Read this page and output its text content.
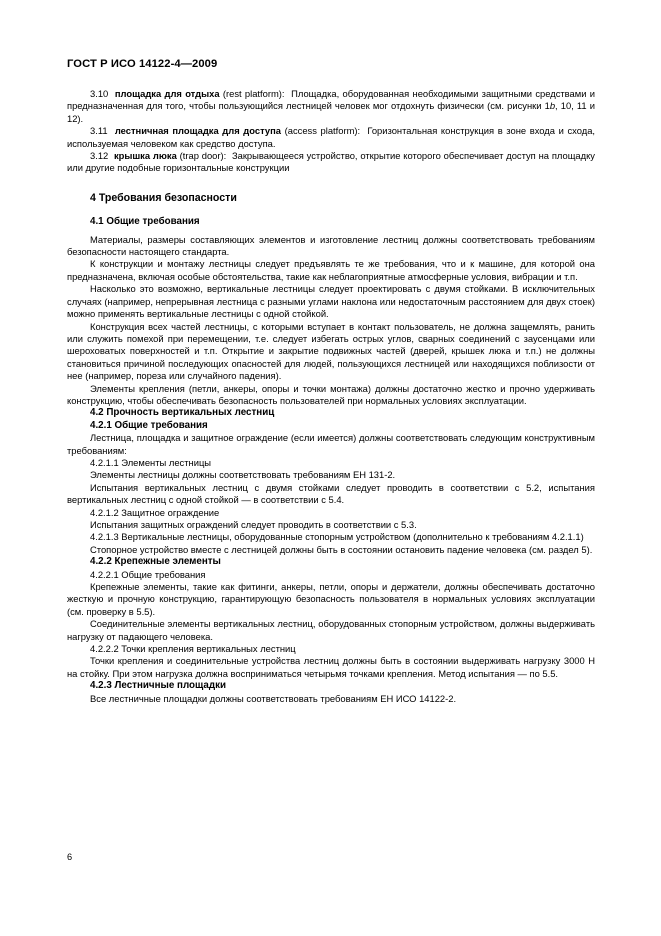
ГОСТ Р ИСО 14122-4—2009

3.10 площадка для отдыха (rest platform): Площадка, оборудованная необходимыми защитными средствами и предназначенная для того, чтобы пользующийся лестницей человек мог отдохнуть физически (см. рисунки 1b, 10, 11 и 12).

3.11 лестничная площадка для доступа (access platform): Горизонтальная конструкция в зоне входа и схода, используемая человеком как средство доступа.

3.12 крышка люка (trap door): Закрывающееся устройство, открытие которого обеспечивает доступ на площадку или другие подобные горизонтальные конструкции

4 Требования безопасности
4.1 Общие требования

Материалы, размеры составляющих элементов и изготовление лестниц должны соответствовать требованиям безопасности настоящего стандарта.

К конструкции и монтажу лестницы следует предъявлять те же требования, что и к машине, для которой она предназначена, включая особые обстоятельства, такие как неблагоприятные атмосферные условия, вибрации и т.п.

Насколько это возможно, вертикальные лестницы следует проектировать с двумя стойками. В исключительных случаях (например, непрерывная лестница с разными углами наклона или недостаточным расстоянием для двух стоек) можно применять вертикальные лестницы с одной стойкой.

Конструкция всех частей лестницы, с которыми вступает в контакт пользователь, не должна защемлять, ранить или служить помехой при перемещении, т.е. следует избегать острых углов, сварных соединений с заусенцами или шероховатых поверхностей и т.п. Открытие и закрытие подвижных частей (дверей, крышек люка и т.п.) не должны становиться причиной последующих опасностей для людей, пользующихся лестницей или находящихся поблизости от нее (например, пореза или случайного падения).

Элементы крепления (петли, анкеры, опоры и точки монтажа) должны достаточно жестко и прочно удерживать конструкцию, чтобы обеспечивать безопасность пользователей при нормальных условиях эксплуатации.

4.2 Прочность вертикальных лестниц
4.2.1 Общие требования

Лестница, площадка и защитное ограждение (если имеется) должны соответствовать следующим конструктивным требованиям:

4.2.1.1 Элементы лестницы

Элементы лестницы должны соответствовать требованиям ЕН 131-2.

Испытания вертикальных лестниц с двумя стойками следует проводить в соответствии с 5.2, испытания вертикальных лестниц с одной стойкой — в соответствии с 5.4.

4.2.1.2 Защитное ограждение

Испытания защитных ограждений следует проводить в соответствии с 5.3.

4.2.1.3 Вертикальные лестницы, оборудованные стопорным устройством (дополнительно к требованиям 4.2.1.1)

Стопорное устройство вместе с лестницей должны быть в состоянии остановить падение человека (см. раздел 5).

4.2.2 Крепежные элементы

4.2.2.1 Общие требования

Крепежные элементы, такие как фитинги, анкеры, петли, опоры и держатели, должны обеспечивать достаточно жесткую и прочную конструкцию, гарантирующую безопасность пользователя в нормальных условиях эксплуатации (см. проверку в 5.5).

Соединительные элементы вертикальных лестниц, оборудованных стопорным устройством, должны выдерживать нагрузку от падающего человека.

4.2.2.2 Точки крепления вертикальных лестниц

Точки крепления и соединительные устройства лестниц должны быть в состоянии выдерживать нагрузку 3000 Н на стойку. При этом нагрузка должна восприниматься четырьмя точками крепления. Метод испытания — по 5.5.

4.2.3 Лестничные площадки

Все лестничные площадки должны соответствовать требованиям ЕН ИСО 14122-2.

6
